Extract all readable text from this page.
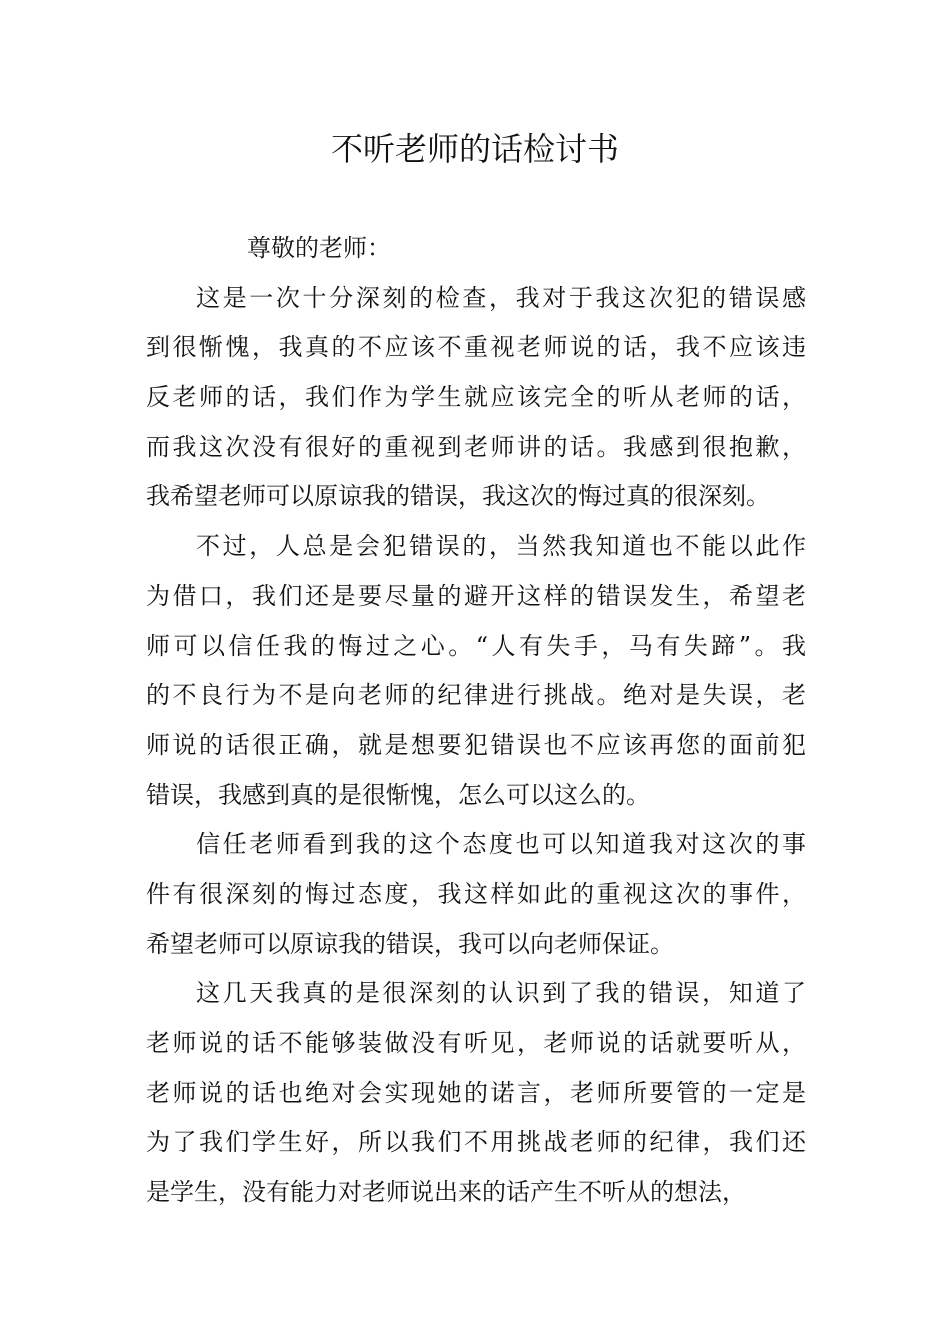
不听老师的话检讨书

尊敬的老师：

这是一次十分深刻的检查，我对于我这次犯的错误感
到很惭愧，我真的不应该不重视老师说的话，我不应该违
反老师的话，我们作为学生就应该完全的听从老师的话，
而我这次没有很好的重视到老师讲的话。我感到很抱歉，
我希望老师可以原谅我的错误，我这次的悔过真的很深刻。
不过，人总是会犯错误的，当然我知道也不能以此作
为借口，我们还是要尽量的避开这样的错误发生，希望老
师可以信任我的悔过之心。“人有失手，马有失蹄”。我
的不良行为不是向老师的纪律进行挑战。绝对是失误，老
师说的话很正确，就是想要犯错误也不应该再您的面前犯
错误，我感到真的是很惭愧，怎么可以这么的。
信任老师看到我的这个态度也可以知道我对这次的事
件有很深刻的悔过态度，我这样如此的重视这次的事件，
希望老师可以原谅我的错误，我可以向老师保证。
这几天我真的是很深刻的认识到了我的错误，知道了
老师说的话不能够装做没有听见，老师说的话就要听从，
老师说的话也绝对会实现她的诺言，老师所要管的一定是
为了我们学生好，所以我们不用挑战老师的纪律，我们还
是学生，没有能力对老师说出来的话产生不听从的想法，
